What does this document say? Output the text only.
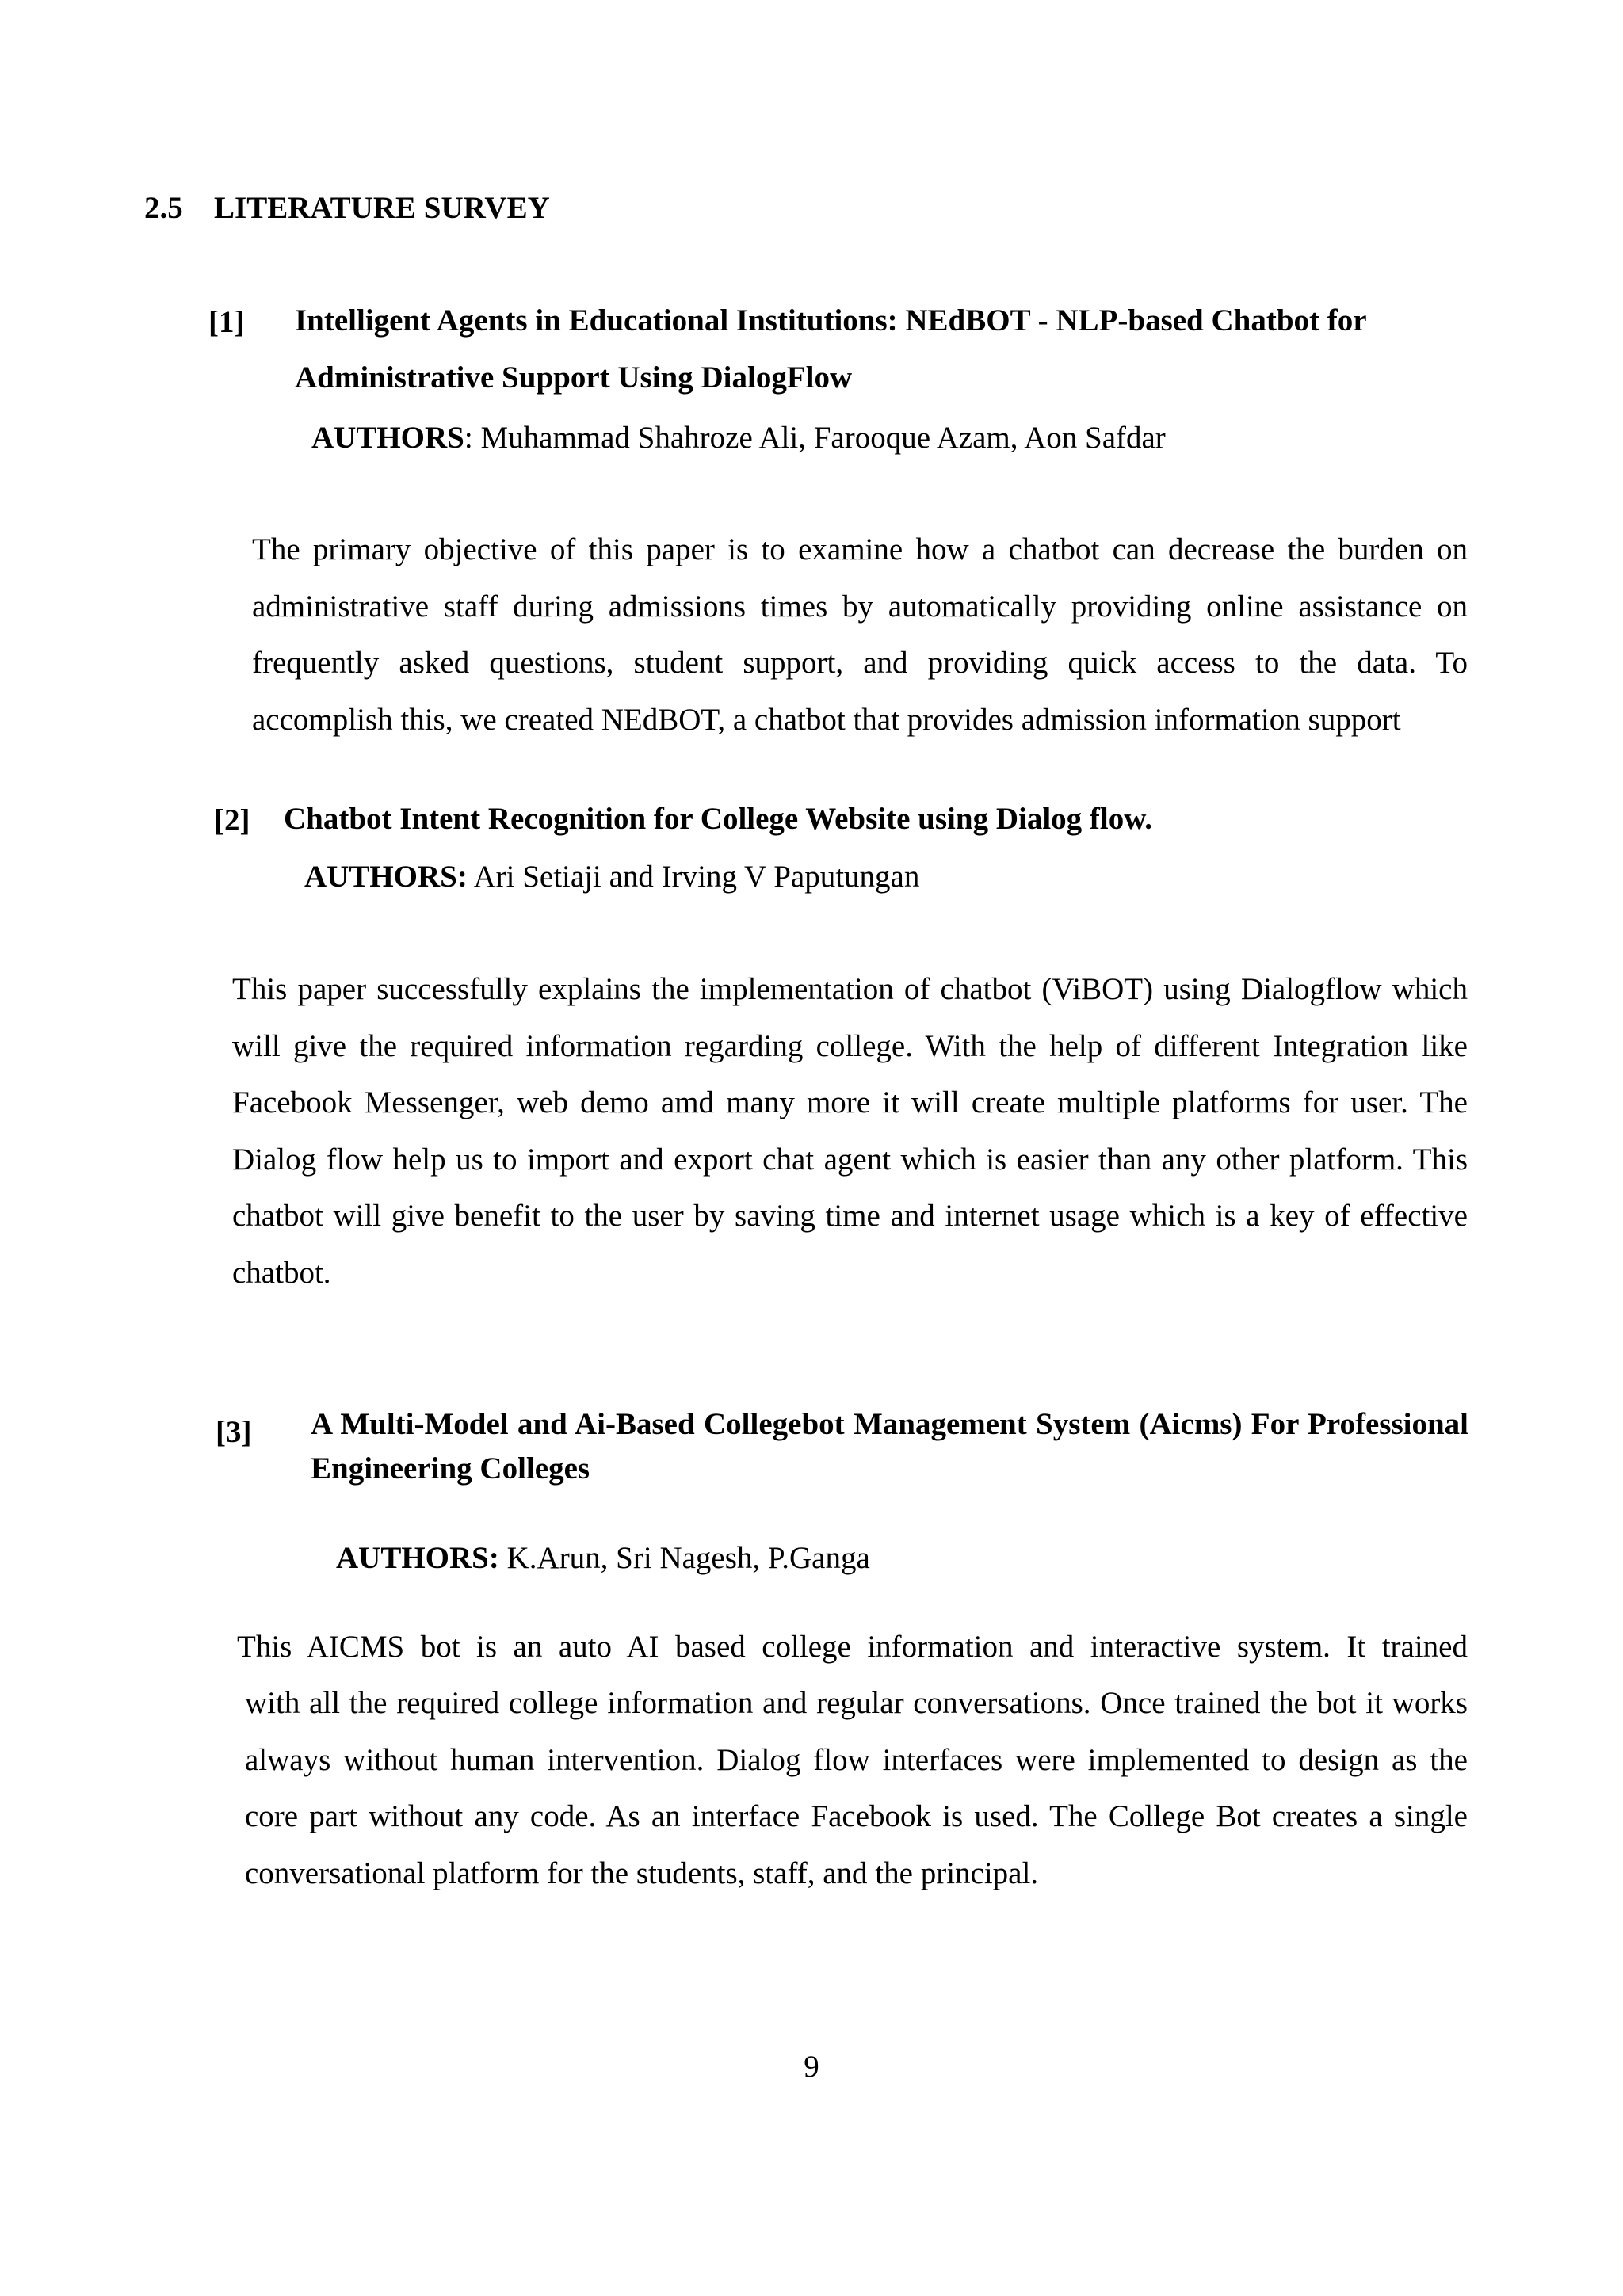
2.5 LITERATURE SURVEY
[1] Intelligent Agents in Educational Institutions: NEdBOT - NLP-based Chatbot for Administrative Support Using DialogFlow
AUTHORS: Muhammad Shahroze Ali, Farooque Azam, Aon Safdar
The primary objective of this paper is to examine how a chatbot can decrease the burden on administrative staff during admissions times by automatically providing online assistance on frequently asked questions, student support, and providing quick access to the data. To accomplish this, we created NEdBOT, a chatbot that provides admission information support
[2] Chatbot Intent Recognition for College Website using Dialog flow.
AUTHORS: Ari Setiaji and Irving V Paputungan
This paper successfully explains the implementation of chatbot (ViBOT) using Dialogflow which will give the required information regarding college. With the help of different Integration like Facebook Messenger, web demo amd many more it will create multiple platforms for user. The Dialog flow help us to import and export chat agent which is easier than any other platform. This chatbot will give benefit to the user by saving time and internet usage which is a key of effective chatbot.
[3] A Multi-Model and Ai-Based Collegebot Management System (Aicms) For Professional Engineering Colleges
AUTHORS: K.Arun, Sri Nagesh, P.Ganga
This AICMS bot is an auto AI based college information and interactive system. It trained
with all the required college information and regular conversations. Once trained the bot it works always without human intervention. Dialog flow interfaces were implemented to design as the core part without any code. As an interface Facebook is used. The College Bot creates a single conversational platform for the students, staff, and the principal.
9
